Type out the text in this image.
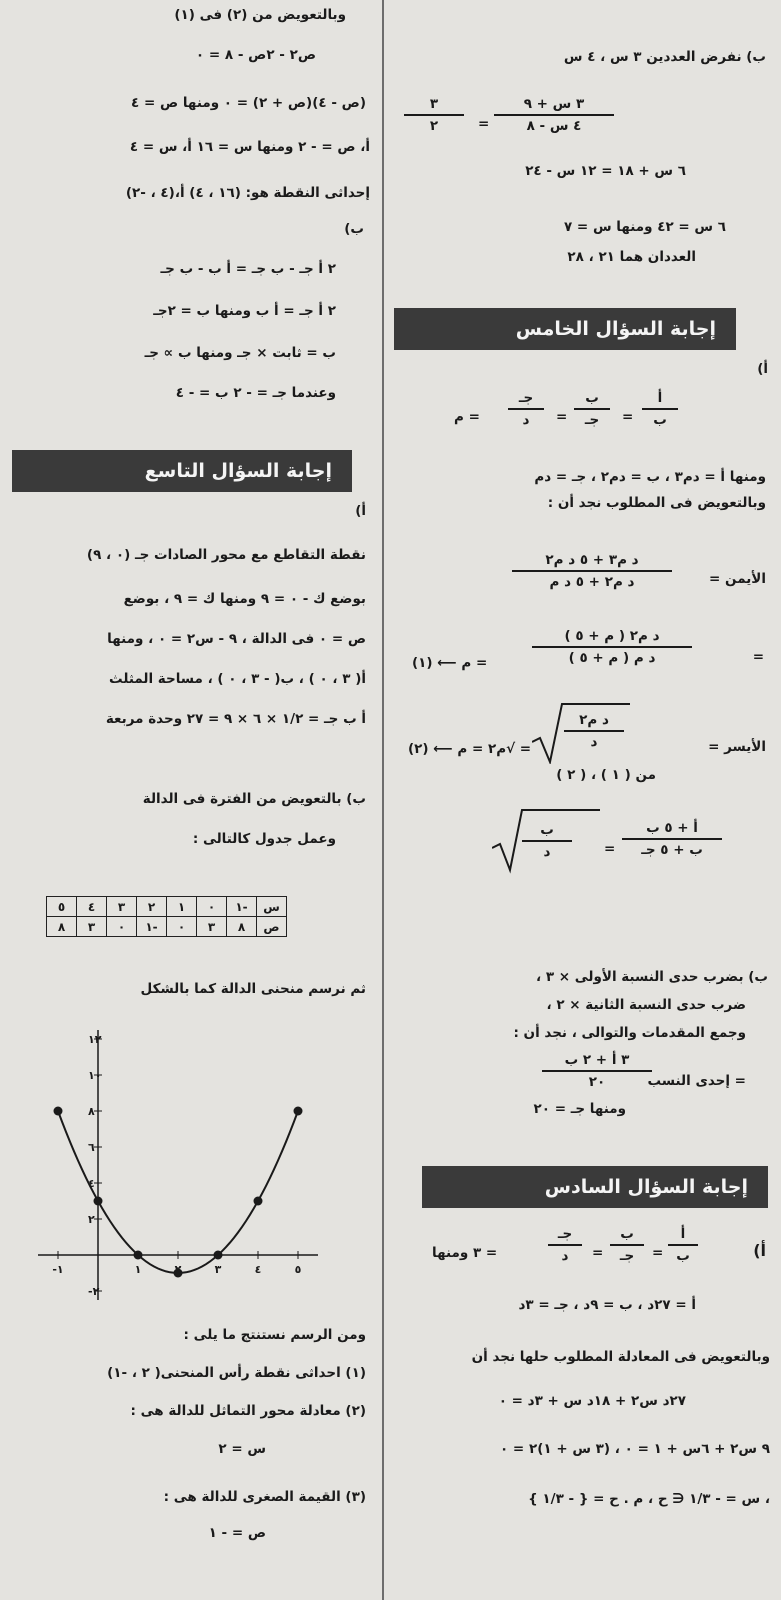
ب) نفرض العددين ٣ س ، ٤ س
٣ س + ٩
٤ س - ٨
=
٣
٢
٦ س + ١٨ = ١٢ س - ٢٤
٦ س = ٤٢ ومنها س = ٧
العددان هما ٢١ ، ٢٨
إجابة السؤال الخامس
أ)
أ
ب
=
ب
جـ
=
جـ
د
= م
ومنها أ = دم٣ ، ب = دم٢ ، جـ = دم
وبالتعويض فى المطلوب نجد أن :
الأيمن =
د م٣ + ٥ د م٢
د م٢ + ٥ د م
=
د م٢ ( م + ٥ )
د م ( م + ٥ )
= م ⟵ (١)
الأيسر =
د م٢
د
= √م٢ = م ⟵ (٢)
من ( ١ ) ، ( ٢ )
أ + ٥ ب
ب + ٥ جـ
=
ب
د
ب) بضرب حدى النسبة الأولى × ٣ ،
ضرب حدى النسبة الثانية × ٢ ،
وجمع المقدمات والتوالى ، نجد أن :
= إحدى النسب
٣ أ + ٢ ب
٢٠
ومنها جـ = ٢٠
إجابة السؤال السادس
أ)
أ
ب
=
ب
جـ
=
جـ
د
= ٣ ومنها
أ = ٢٧د ، ب = ٩د ، جـ = ٣د
وبالتعويض فى المعادلة المطلوب حلها نجد أن
٢٧د س٢ + ١٨د س + ٣د = ٠
٩ س٢ + ٦س + ١ = ٠ ، (٣ س + ١)٢ = ٠
، س = - ١/٣ ∈ ح ، م . ح = { - ١/٣ }
وبالتعويض من (٢) فى (١)
ص٢ - ٢ص - ٨ = ٠
(ص - ٤)(ص + ٢) = ٠ ومنها ص = ٤
أ، ص = - ٢ ومنها س = ١٦ أ، س = ٤
إحداثى النقطة هو: (١٦ ، ٤) أ،(٤ ، -٢)
ب)
٢ أ جـ - ب جـ = أ ب - ب جـ
٢ أ جـ = أ ب ومنها ب = ٢جـ
ب = ثابت × جـ ومنها ب ∝ جـ
وعندما جـ = - ٢ ب = - ٤
إجابة السؤال التاسع
أ)
نقطة التقاطع مع محور الصادات جـ (٠ ، ٩)
بوضع ك - ٠ = ٩ ومنها ك = ٩ ، بوضع
ص = ٠ فى الدالة ، ٩ - س٢ = ٠ ، ومنها
أ( ٣ ، ٠ ) ، ب( - ٣ ، ٠ ) ، مساحة المثلث
أ ب جـ = ١/٢ × ٦ × ٩ = ٢٧ وحدة مربعة
ب) بالتعويض من الفترة فى الدالة
وعمل جدول كالتالى :
س	-١	٠	١	٢	٣	٤	٥
ص	٨	٣	٠	-١	٠	٣	٨
ثم نرسم منحنى الدالة كما بالشكل
١٢
١٠
٨
٦
٤
٢
٢-
١-	١	٣	٤	٥
ومن الرسم نستنتج ما يلى :
(١) احداثى نقطة رأس المنحنى( ٢ ، -١)
(٢) معادلة محور التماثل للدالة هى :
س = ٢
(٣) القيمة الصغرى للدالة هى :
ص = - ١
